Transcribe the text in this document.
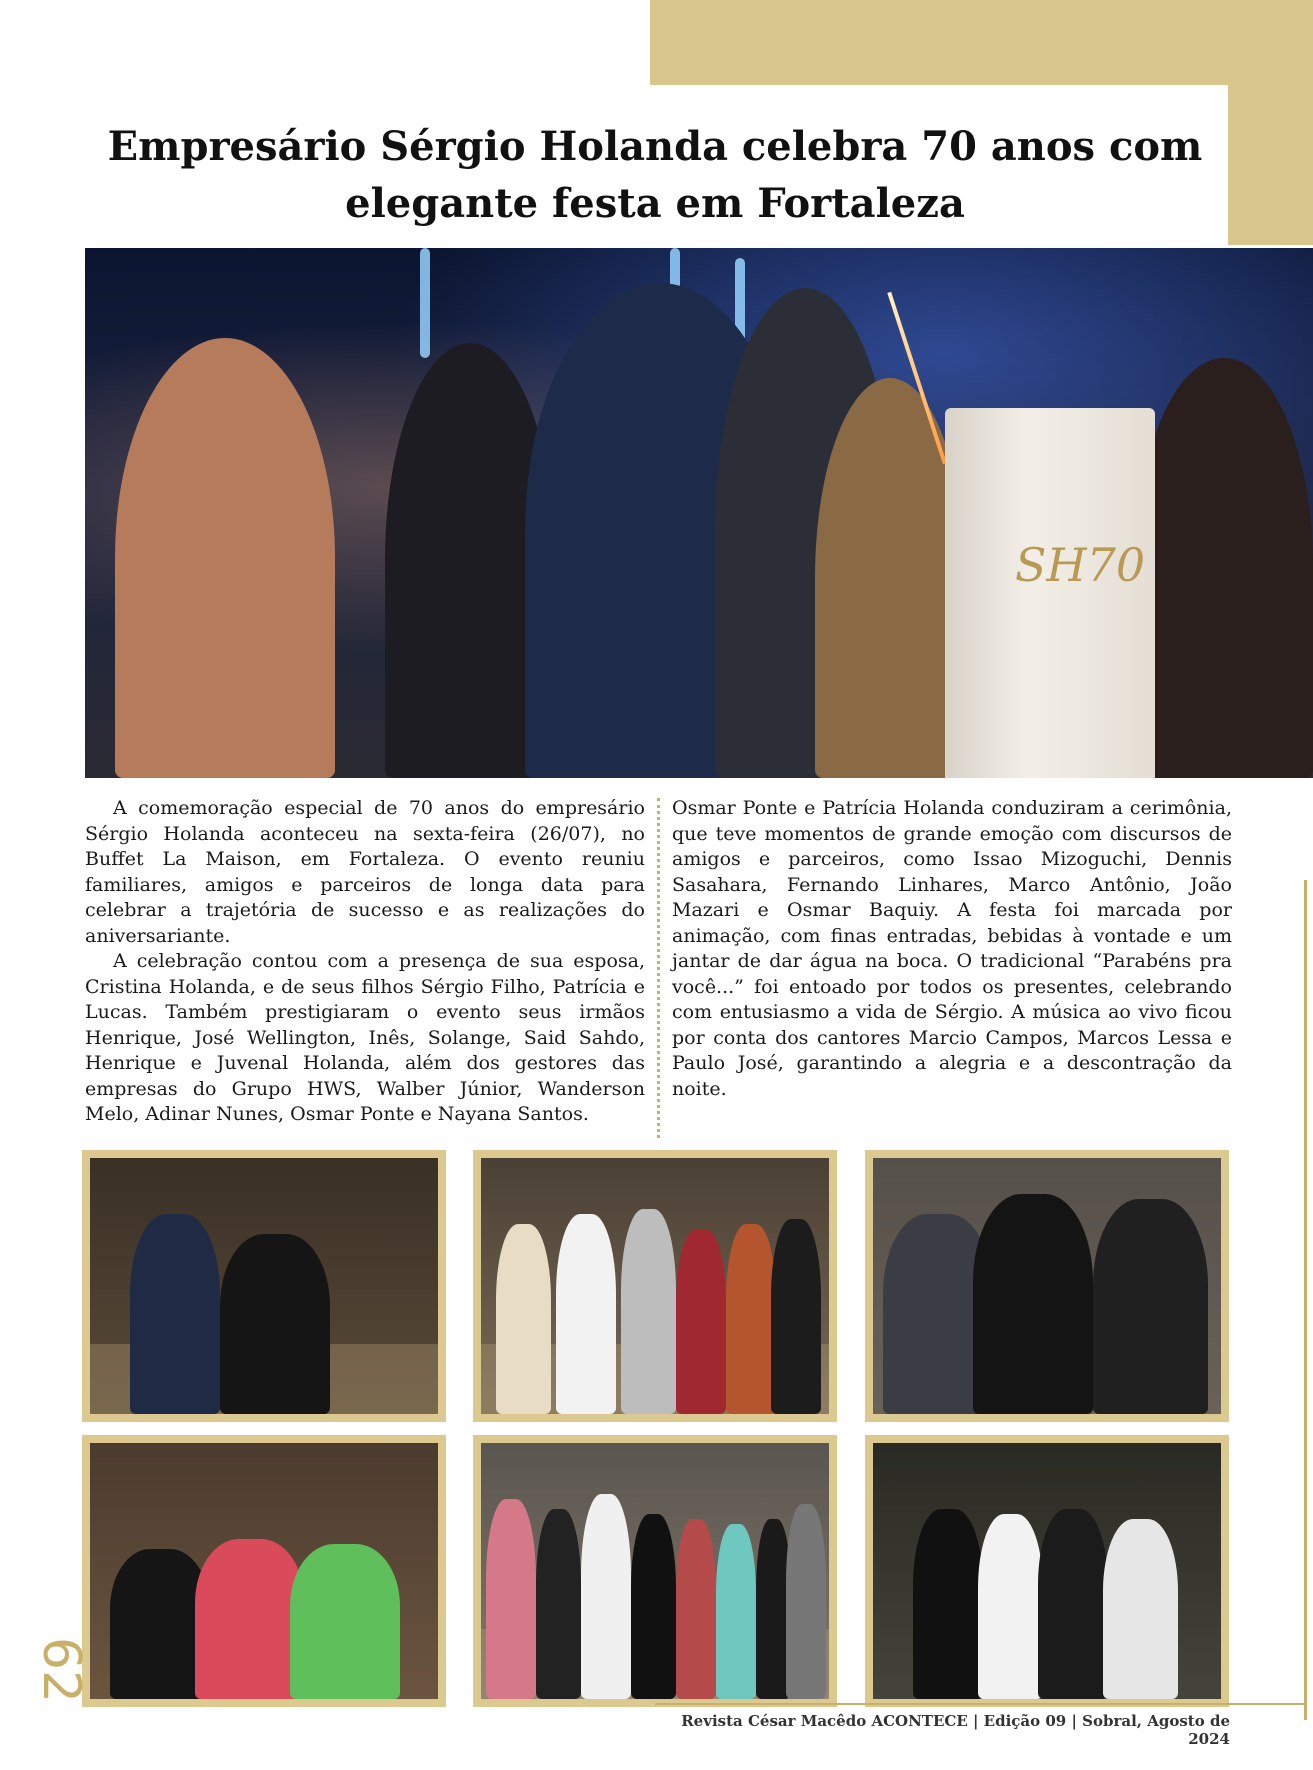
Empresário Sérgio Holanda celebra 70 anos com
elegante festa em Fortaleza
SH70

A comemoração especial de 70 anos do empresário Sérgio Holanda aconteceu na sexta-feira (26/07), no Buffet La Maison, em Fortaleza. O evento reuniu familiares, amigos e parceiros de longa data para celebrar a trajetória de sucesso e as realizações do aniversariante.

A celebração contou com a presença de sua esposa, Cristina Holanda, e de seus filhos Sérgio Filho, Patrícia e Lucas. Também prestigiaram o evento seus irmãos Henrique, José Wellington, Inês, Solange, Said Sahdo, Henrique e Juvenal Holanda, além dos gestores das empresas do Grupo HWS, Walber Júnior, Wanderson Melo, Adinar Nunes, Osmar Ponte e Nayana Santos.

Osmar Ponte e Patrícia Holanda conduziram a cerimônia, que teve momentos de grande emoção com discursos de amigos e parceiros, como Issao Mizoguchi, Dennis Sasahara, Fernando Linhares, Marco Antônio, João Mazari e Osmar Baquiy. A festa foi marcada por animação, com finas entradas, bebidas à vontade e um jantar de dar água na boca. O tradicional “Parabéns pra você...” foi entoado por todos os presentes, celebrando com entusiasmo a vida de Sérgio. A música ao vivo ficou por conta dos cantores Marcio Campos, Marcos Lessa e Paulo José, garantindo a alegria e a descontração da noite.

62
Revista César Macêdo ACONTECE | Edição 09 | Sobral, Agosto de 2024
